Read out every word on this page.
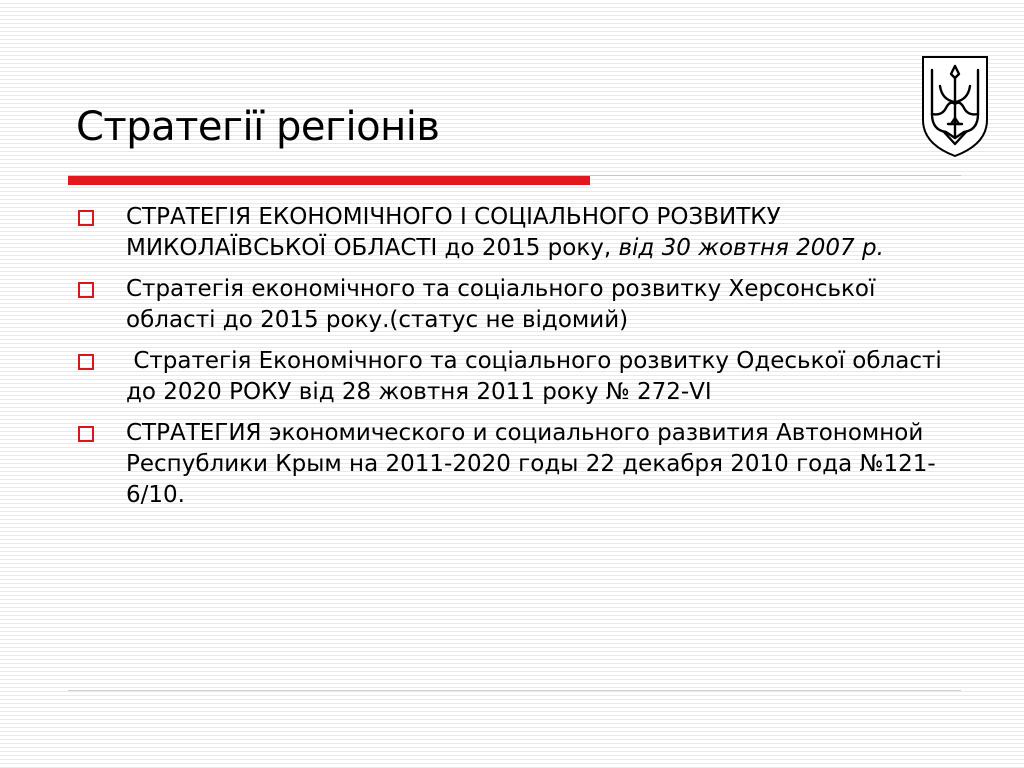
Стратегії регіонів
СТРАТЕГІЯ ЕКОНОМІЧНОГО І СОЦІАЛЬНОГО РОЗВИТКУ МИКОЛАЇВСЬКОЇ ОБЛАСТІ до 2015 року, від 30 жовтня 2007 р.
Стратегія економічного та соціального розвитку Херсонської області до 2015 року.(статус не відомий)
Стратегія Економічного та соціального розвитку Одеської області до 2020 РОКУ від 28 жовтня 2011 року № 272-VI
СТРАТЕГИЯ экономического и социального развития Автономной Республики Крым на 2011-2020 годы 22 декабря 2010 года №121-6/10.
